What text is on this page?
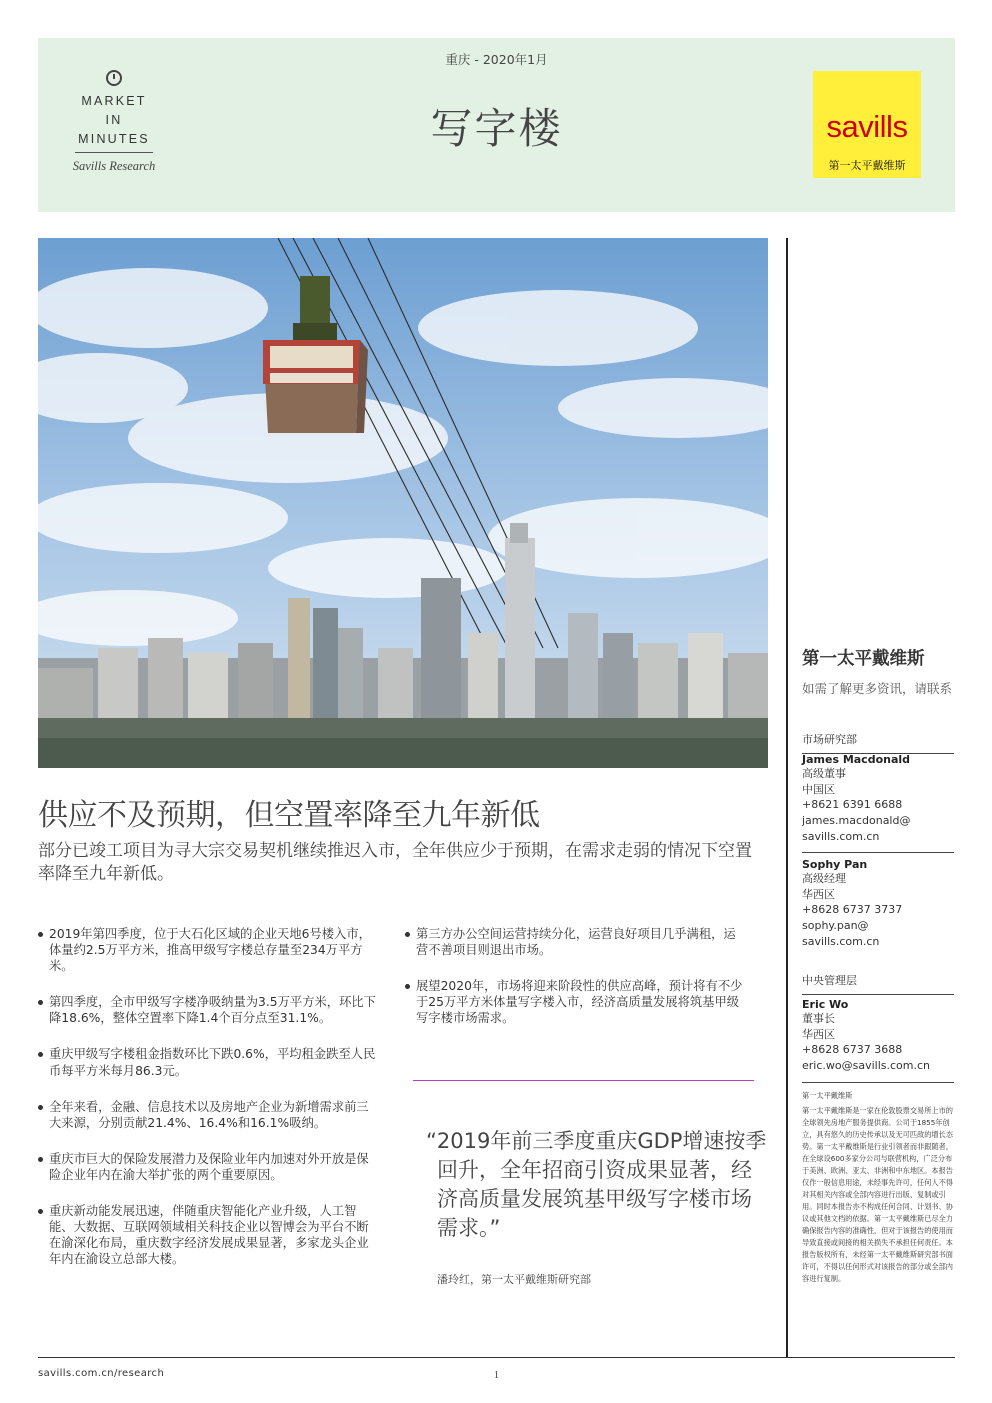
MARKET
IN
MINUTES
Savills Research
重庆 - 2020年1月
写字楼	savills
第一太平戴维斯
供应不及预期，但空置率降至九年新低
部分已竣工项目为寻大宗交易契机继续推迟入市，全年供应少于预期，在需求走弱的情况下空置率降至九年新低。
2019年第四季度，位于大石化区域的企业天地6号楼入市，体量约2.5万平方米，推高甲级写字楼总存量至234万平方米。
第四季度，全市甲级写字楼净吸纳量为3.5万平方米，环比下降18.6%，整体空置率下降1.4个百分点至31.1%。
重庆甲级写字楼租金指数环比下跌0.6%，平均租金跌至人民币每平方米每月86.3元。
全年来看，金融、信息技术以及房地产企业为新增需求前三大来源，分别贡献21.4%、16.4%和16.1%吸纳。
重庆市巨大的保险发展潜力及保险业年内加速对外开放是保险企业年内在渝大举扩张的两个重要原因。
重庆新动能发展迅速，伴随重庆智能化产业升级，人工智能、大数据、互联网领域相关科技企业以智博会为平台不断在渝深化布局，重庆数字经济发展成果显著，多家龙头企业年内在渝设立总部大楼。
第三方办公空间运营持续分化，运营良好项目几乎满租，运营不善项目则退出市场。
展望2020年，市场将迎来阶段性的供应高峰，预计将有不少于25万平方米体量写字楼入市，经济高质量发展将筑基甲级写字楼市场需求。
“2019年前三季度重庆GDP增速按季回升，全年招商引资成果显著，经济高质量发展筑基甲级写字楼市场需求。”
潘玲红，第一太平戴维斯研究部
第一太平戴维斯
如需了解更多资讯，请联系
市场研究部
James Macdonald
高级董事
中国区
+8621 6391 6688
james.macdonald@
savills.com.cn
Sophy Pan
高级经理
华西区
+8628 6737 3737
sophy.pan@
savills.com.cn
中央管理层
Eric Wo
董事长
华西区
+8628 6737 3688
eric.wo@savills.com.cn
第一太平戴维斯
第一太平戴维斯是一家在伦敦股票交易所上市的全球领先房地产服务提供商。公司于1855年创立，具有悠久的历史传承以及无可匹敌的增长态势。第一太平戴维斯是行业引领者而非跟随者，在全球设600多家分公司与联营机构，广泛分布于美洲、欧洲、亚太、非洲和中东地区。本报告仅作一般信息用途，未经事先许可，任何人不得对其相关内容或全部内容进行出版、复制或引用。同时本报告亦不构成任何合同、计划书、协议或其他文档的依据。第一太平戴维斯已尽全力确保报告内容的准确性，但对于该报告的使用而导致直接或间接的相关损失不承担任何责任。本报告版权所有，未经第一太平戴维斯研究部书面许可，不得以任何形式对该报告的部分或全部内容进行复制。
savills.com.cn/research	1
